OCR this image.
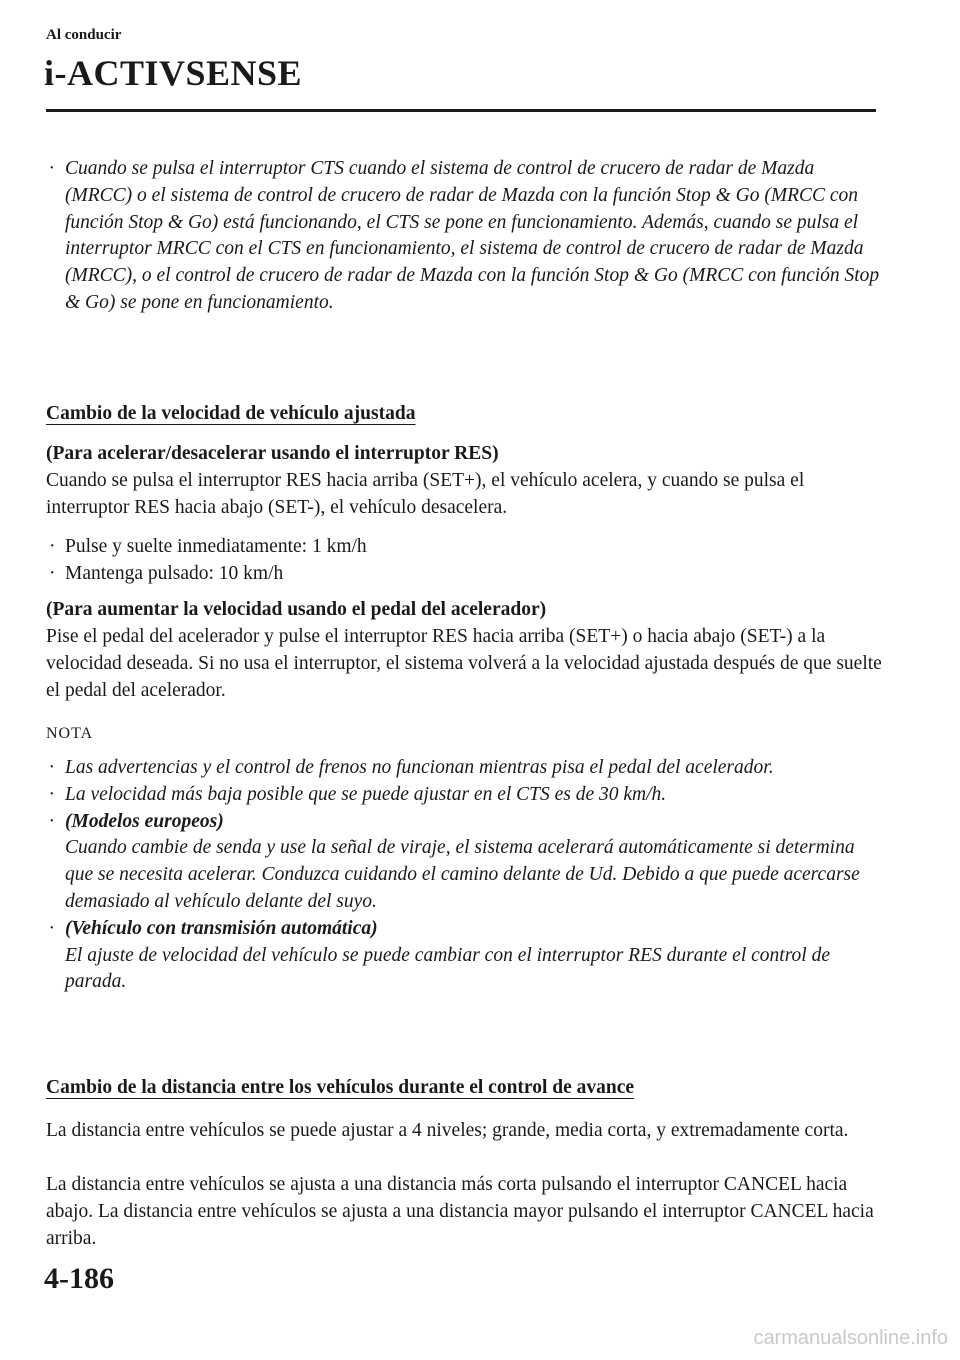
Al conducir
i-ACTIVSENSE
· Cuando se pulsa el interruptor CTS cuando el sistema de control de crucero de radar de Mazda (MRCC) o el sistema de control de crucero de radar de Mazda con la función Stop & Go (MRCC con función Stop & Go) está funcionando, el CTS se pone en funcionamiento. Además, cuando se pulsa el interruptor MRCC con el CTS en funcionamiento, el sistema de control de crucero de radar de Mazda (MRCC), o el control de crucero de radar de Mazda con la función Stop & Go (MRCC con función Stop & Go) se pone en funcionamiento.
Cambio de la velocidad de vehículo ajustada
(Para acelerar/desacelerar usando el interruptor RES)
Cuando se pulsa el interruptor RES hacia arriba (SET+), el vehículo acelera, y cuando se pulsa el interruptor RES hacia abajo (SET-), el vehículo desacelera.
· Pulse y suelte inmediatamente: 1 km/h
· Mantenga pulsado: 10 km/h
(Para aumentar la velocidad usando el pedal del acelerador)
Pise el pedal del acelerador y pulse el interruptor RES hacia arriba (SET+) o hacia abajo (SET-) a la velocidad deseada. Si no usa el interruptor, el sistema volverá a la velocidad ajustada después de que suelte el pedal del acelerador.
NOTA
· Las advertencias y el control de frenos no funcionan mientras pisa el pedal del acelerador.
· La velocidad más baja posible que se puede ajustar en el CTS es de 30 km/h.
· (Modelos europeos)
Cuando cambie de senda y use la señal de viraje, el sistema acelerará automáticamente si determina que se necesita acelerar. Conduzca cuidando el camino delante de Ud. Debido a que puede acercarse demasiado al vehículo delante del suyo.
· (Vehículo con transmisión automática)
El ajuste de velocidad del vehículo se puede cambiar con el interruptor RES durante el control de parada.
Cambio de la distancia entre los vehículos durante el control de avance
La distancia entre vehículos se puede ajustar a 4 niveles; grande, media corta, y extremadamente corta.
La distancia entre vehículos se ajusta a una distancia más corta pulsando el interruptor CANCEL hacia abajo. La distancia entre vehículos se ajusta a una distancia mayor pulsando el interruptor CANCEL hacia arriba.
4-186
carmanualsonline.info
